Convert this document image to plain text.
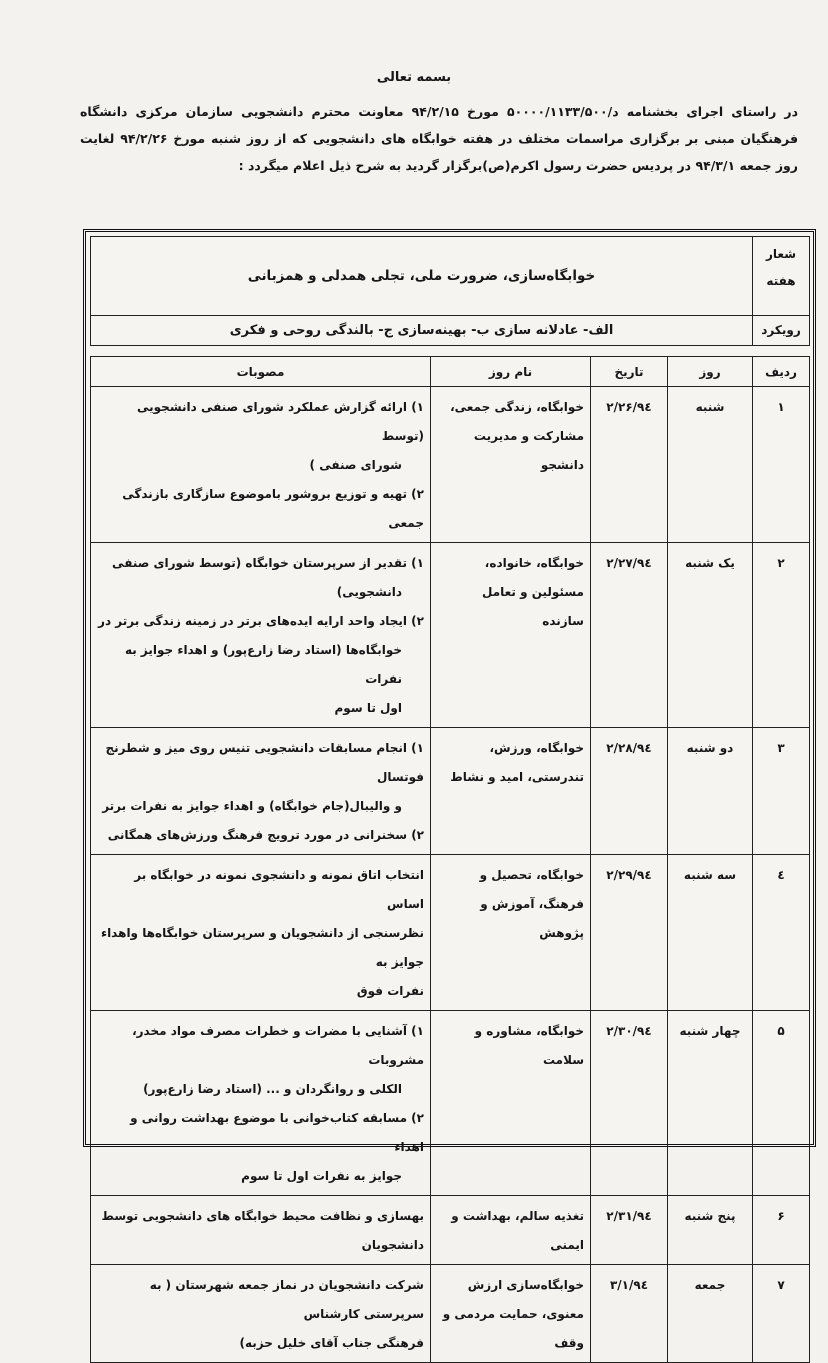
بسمه تعالی
در راستای اجرای بخشنامه د/۵۰۰۰۰/۱۱۳۳/۵۰۰ مورخ ۹۴/۲/۱۵ معاونت محترم دانشجویی سازمان مرکزی دانشگاه فرهنگیان مبنی بر برگزاری مراسمات مختلف در هفته خوابگاه های دانشجویی که از روز شنبه مورخ ۹۴/۲/۲۶ لغایت روز جمعه ۹۴/۳/۱ در پردیس حضرت رسول اکرم(ص)برگزار گردید به شرح ذیل اعلام میگردد :
شعار
هفته	خوابگاه‌سازی، ضرورت ملی، تجلی همدلی و همزبانی
رویکرد	الف- عادلانه سازی ب- بهینه‌سازی ج- بالندگی روحی و فکری
ردیف	روز	تاریخ	نام روز	مصوبات
۱	شنبه	۹٤/۲/۲۶	خوابگاه، زندگی جمعی، مشارکت و مدیریت دانشجو	۱) ارائه گزارش عملکرد شورای صنفی دانشجویی (توسط
شورای صنفی )
۲) تهیه و توزیع بروشور باموضوع سازگاری بازندگی جمعی

۲	یک شنبه	۹٤/۲/۲۷	خوابگاه، خانواده، مسئولین و تعامل سازنده	۱) تقدیر از سرپرستان خوابگاه (توسط شورای صنفی
دانشجویی)
۲) ایجاد واحد ارایه ایده‌های برتر در زمینه زندگی برتر در
خوابگاه‌ها (استاد رضا زارع‌پور) و اهداء جوایز به نفرات
اول تا سوم

۳	دو شنبه	۹٤/۲/۲۸	خوابگاه، ورزش، تندرستی، امید و نشاط	۱) انجام مسابقات دانشجویی تنیس روی میز و شطرنج فوتسال
و والیبال(جام خوابگاه) و اهداء جوایز به نفرات برتر
۲) سخنرانی در مورد ترویج فرهنگ ورزش‌های همگانی

٤	سه شنبه	۹٤/۲/۲۹	خوابگاه، تحصیل و فرهنگ، آموزش و پژوهش	انتخاب اتاق نمونه و دانشجوی نمونه در خوابگاه بر اساس
نظرسنجی از دانشجویان و سرپرستان خوابگاه‌ها واهداء جوایز به
نفرات فوق

۵	چهار شنبه	۹٤/۲/۳۰	خوابگاه، مشاوره و سلامت	۱) آشنایی با مضرات و خطرات مصرف مواد مخدر، مشروبات
الکلی و روانگردان و ... (استاد رضا زارع‌پور)
۲) مسابقه کتاب‌خوانی با موضوع بهداشت روانی و اهداء
جوایز به نفرات اول تا سوم

۶	پنج شنبه	۹٤/۲/۳۱	تغذیه سالم، بهداشت و ایمنی	بهسازی و نظافت محیط خوابگاه های دانشجویی توسط دانشجویان

۷	جمعه	۹٤/۳/۱	خوابگاه‌سازی ارزش معنوی، حمایت مردمی و وقف	شرکت دانشجویان در نماز جمعه شهرستان ( به سرپرستی کارشناس
فرهنگی جناب آقای خلیل حزبه)
